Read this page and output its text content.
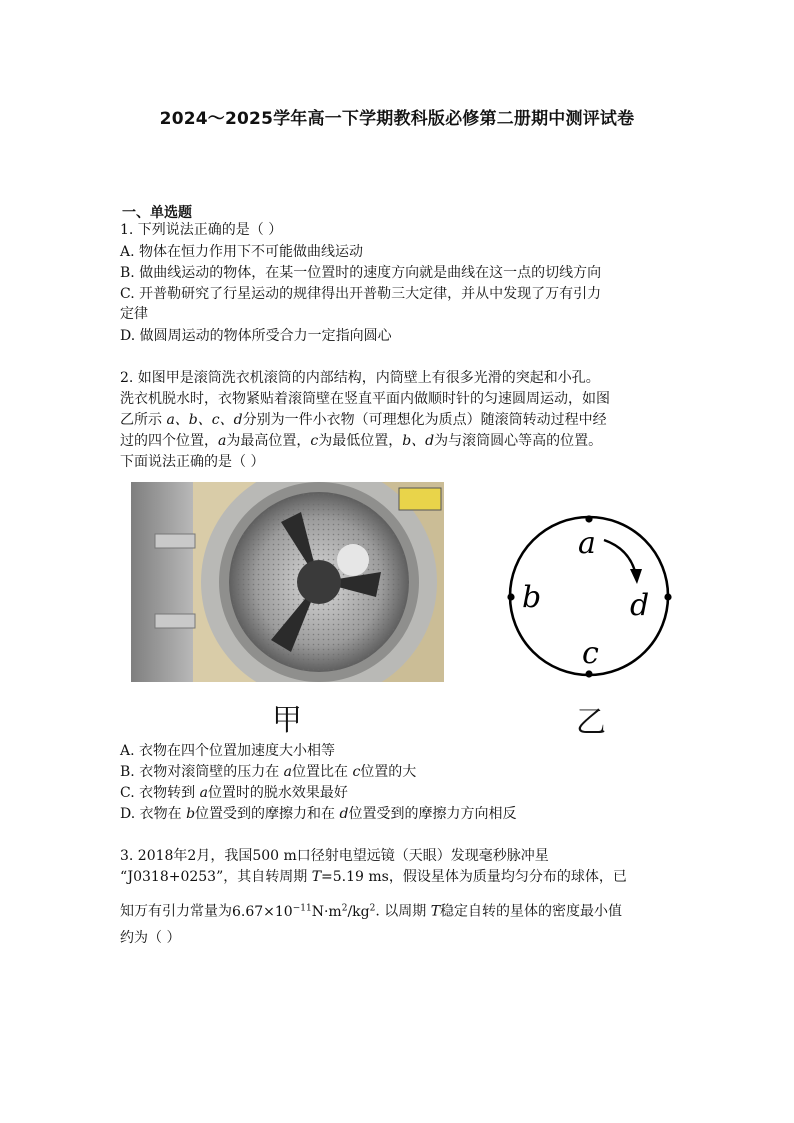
2024～2025学年高一下学期教科版必修第二册期中测评试卷
一、单选题
1. 下列说法正确的是（ ）
A. 物体在恒力作用下不可能做曲线运动
B. 做曲线运动的物体，在某一位置时的速度方向就是曲线在这一点的切线方向
C. 开普勒研究了行星运动的规律得出开普勒三大定律，并从中发现了万有引力
定律
D. 做圆周运动的物体所受合力一定指向圆心
2. 如图甲是滚筒洗衣机滚筒的内部结构，内筒壁上有很多光滑的突起和小孔。
洗衣机脱水时，衣物紧贴着滚筒壁在竖直平面内做顺时针的匀速圆周运动，如图
乙所示 a、b、c、d分别为一件小衣物（可理想化为质点）随滚筒转动过程中经
过的四个位置，a为最高位置，c为最低位置，b、d为与滚筒圆心等高的位置。
下面说法正确的是（ ）
a
b	d
c
甲	乙
A. 衣物在四个位置加速度大小相等
B. 衣物对滚筒壁的压力在 a位置比在 c位置的大
C. 衣物转到 a位置时的脱水效果最好
D. 衣物在 b位置受到的摩擦力和在 d位置受到的摩擦力方向相反
3. 2018年2月，我国500 m口径射电望远镜（天眼）发现毫秒脉冲星
“J0318+0253”，其自转周期 T=5.19 ms，假设星体为质量均匀分布的球体，已
知万有引力常量为$6.67\times 10^{-11}N\cdot m^2/kg^2$. 以周期 T稳定自转的星体的密度最小值
约为（ ）
